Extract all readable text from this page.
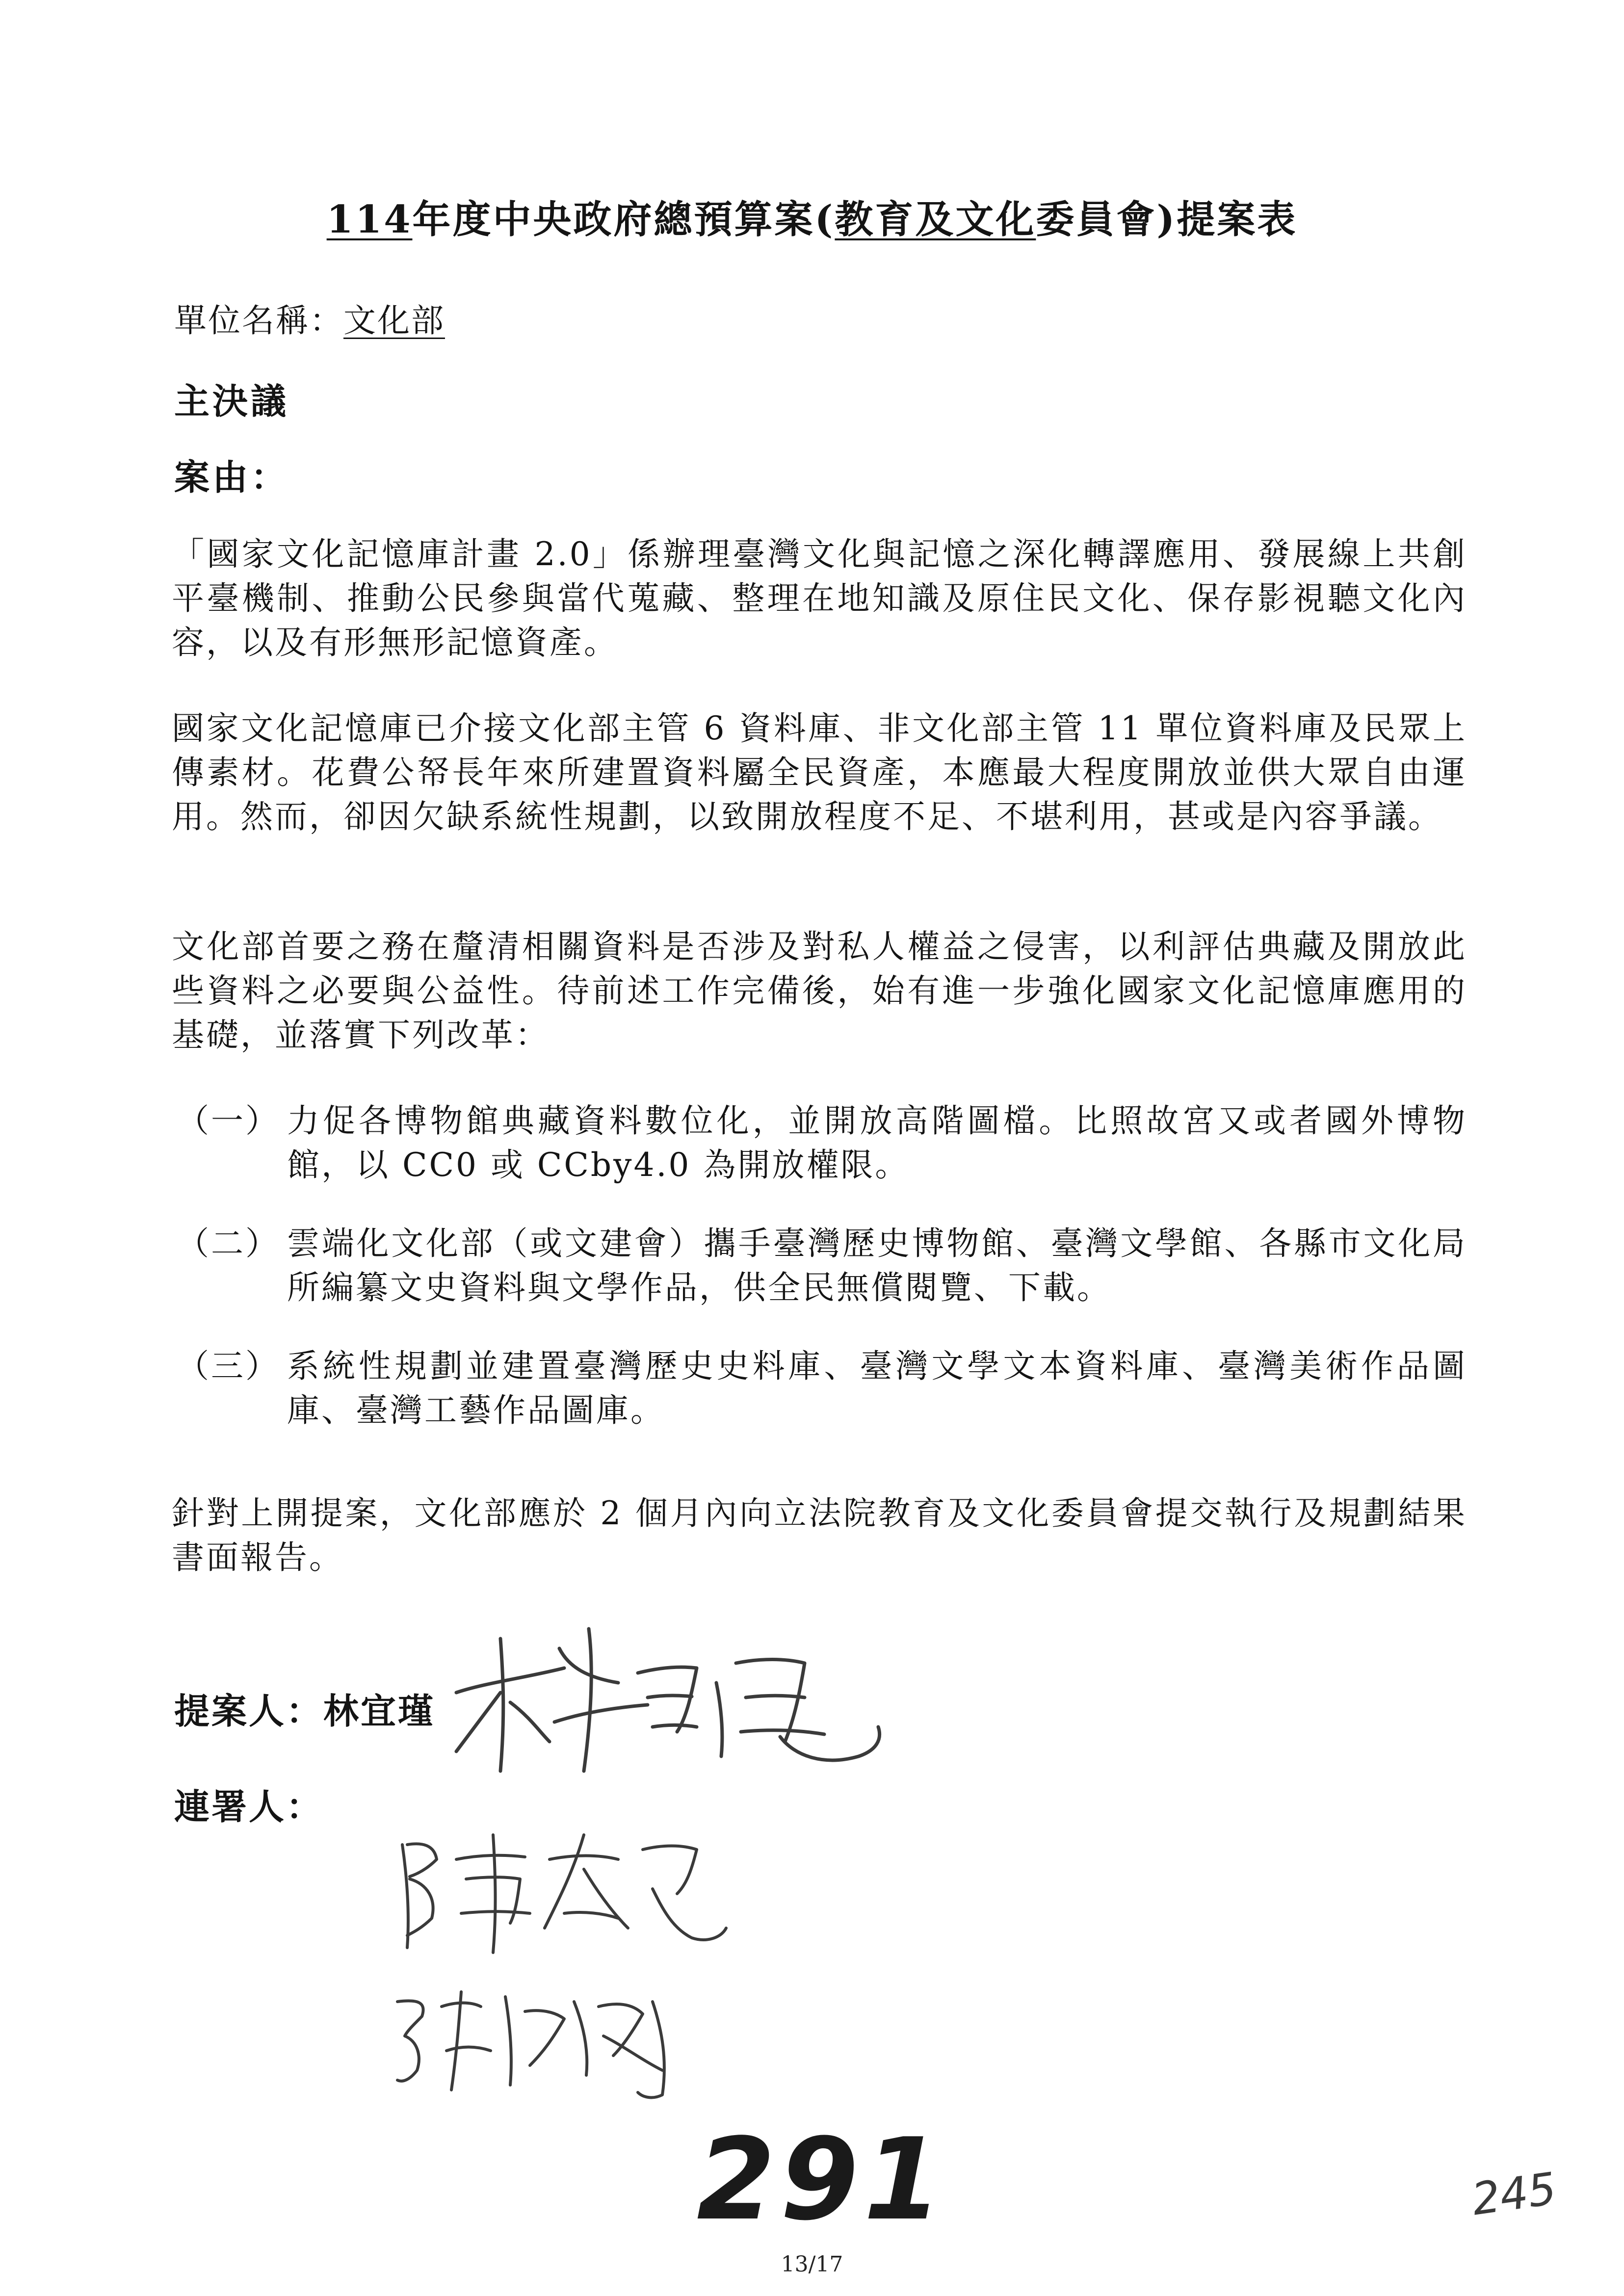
114年度中央政府總預算案(教育及文化委員會)提案表
單位名稱：文化部
主決議
案由：
「國家文化記憶庫計畫 2.0」係辦理臺灣文化與記憶之深化轉譯應用、發展線上共創平臺機制、推動公民參與當代蒐藏、整理在地知識及原住民文化、保存影視聽文化內容，以及有形無形記憶資產。
國家文化記憶庫已介接文化部主管 6 資料庫、非文化部主管 11 單位資料庫及民眾上傳素材。花費公帑長年來所建置資料屬全民資產，本應最大程度開放並供大眾自由運用。然而，卻因欠缺系統性規劃，以致開放程度不足、不堪利用，甚或是內容爭議。
文化部首要之務在釐清相關資料是否涉及對私人權益之侵害，以利評估典藏及開放此些資料之必要與公益性。待前述工作完備後，始有進一步強化國家文化記憶庫應用的基礎，並落實下列改革：
（一） 力促各博物館典藏資料數位化，並開放高階圖檔。比照故宮又或者國外博物館，以 CC0 或 CCby4.0 為開放權限。
（二） 雲端化文化部（或文建會）攜手臺灣歷史博物館、臺灣文學館、各縣市文化局所編纂文史資料與文學作品，供全民無償閱覽、下載。
（三） 系統性規劃並建置臺灣歷史史料庫、臺灣文學文本資料庫、臺灣美術作品圖庫、臺灣工藝作品圖庫。
針對上開提案，文化部應於 2 個月內向立法院教育及文化委員會提交執行及規劃結果書面報告。
提案人：林宜瑾
連署人：
291	245
13/17
